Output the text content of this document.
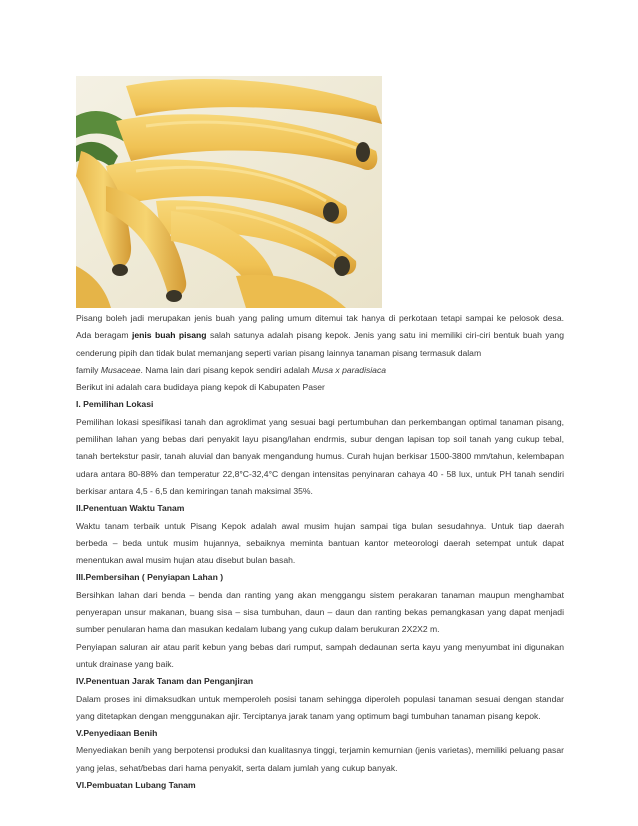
Pisang boleh jadi merupakan jenis buah yang paling umum ditemui tak hanya di perkotaan tetapi sampai ke pelosok desa.

Ada beragam jenis buah pisang salah satunya adalah pisang kepok. Jenis yang satu ini memiliki ciri-ciri bentuk buah yang

cenderung pipih dan tidak bulat memanjang seperti varian pisang lainnya tanaman pisang termasuk dalam

family Musaceae. Nama lain dari pisang kepok sendiri adalah Musa x paradisiaca

Berikut ini adalah cara budidaya piang kepok di Kabupaten Paser

I. Pemilihan Lokasi

Pemilihan lokasi spesifikasi tanah dan agroklimat yang sesuai bagi pertumbuhan dan perkembangan optimal tanaman pisang, pemilihan lahan yang bebas dari penyakit layu pisang/lahan endrmis, subur dengan lapisan top soil tanah yang cukup tebal, tanah bertekstur pasir, tanah aluvial dan banyak mengandung humus. Curah hujan berkisar 1500-3800 mm/tahun, kelembapan udara antara 80-88% dan temperatur 22,8°C-32,4°C dengan intensitas penyinaran cahaya 40 - 58 lux, untuk PH tanah sendiri berkisar antara 4,5 - 6,5 dan kemiringan tanah maksimal 35%.

II.Penentuan Waktu Tanam

Waktu tanam terbaik untuk Pisang Kepok adalah awal musim hujan sampai tiga bulan sesudahnya. Untuk tiap daerah

berbeda – beda untuk musim hujannya, sebaiknya meminta bantuan kantor meteorologi daerah setempat untuk dapat

menentukan awal musim hujan atau disebut bulan basah.

III.Pembersihan ( Penyiapan Lahan )

Bersihkan lahan dari benda – benda dan ranting yang akan menggangu sistem perakaran tanaman maupun menghambat penyerapan unsur makanan, buang sisa – sisa tumbuhan, daun – daun dan ranting bekas pemangkasan yang dapat menjadi sumber penularan hama dan masukan kedalam lubang yang cukup dalam berukuran 2X2X2 m.

Penyiapan saluran air atau parit kebun yang bebas dari rumput, sampah dedaunan serta kayu yang menyumbat ini digunakan untuk drainase yang baik.

IV.Penentuan Jarak Tanam dan Penganjiran

Dalam proses ini dimaksudkan untuk memperoleh posisi tanam sehingga diperoleh populasi tanaman sesuai dengan standar yang ditetapkan dengan menggunakan ajir. Terciptanya jarak tanam yang optimum bagi tumbuhan tanaman pisang kepok.

V.Penyediaan Benih

Menyediakan benih yang berpotensi produksi dan kualitasnya tinggi, terjamin kemurnian (jenis varietas), memiliki peluang pasar yang jelas, sehat/bebas dari hama penyakit, serta dalam jumlah yang cukup banyak.

VI.Pembuatan Lubang Tanam
